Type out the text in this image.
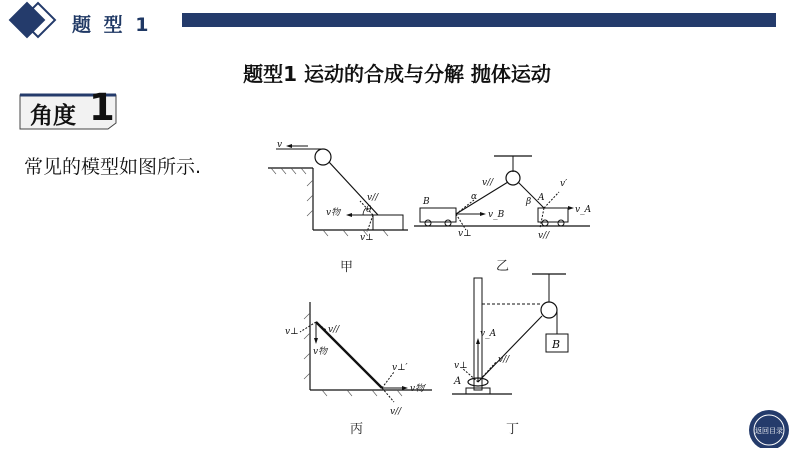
题 型 1
题型1 运动的合成与分解 抛体运动
角度 1
常见的模型如图所示.
v
v//
v物	θ
v⊥
甲
B	α
v//
v_B
β A
v′
v_A
v⊥	v//
乙
v⊥	v//
v物
v⊥′
v物′
v//
丙
B
v_A
v//
v⊥
A
丁	返回目录
